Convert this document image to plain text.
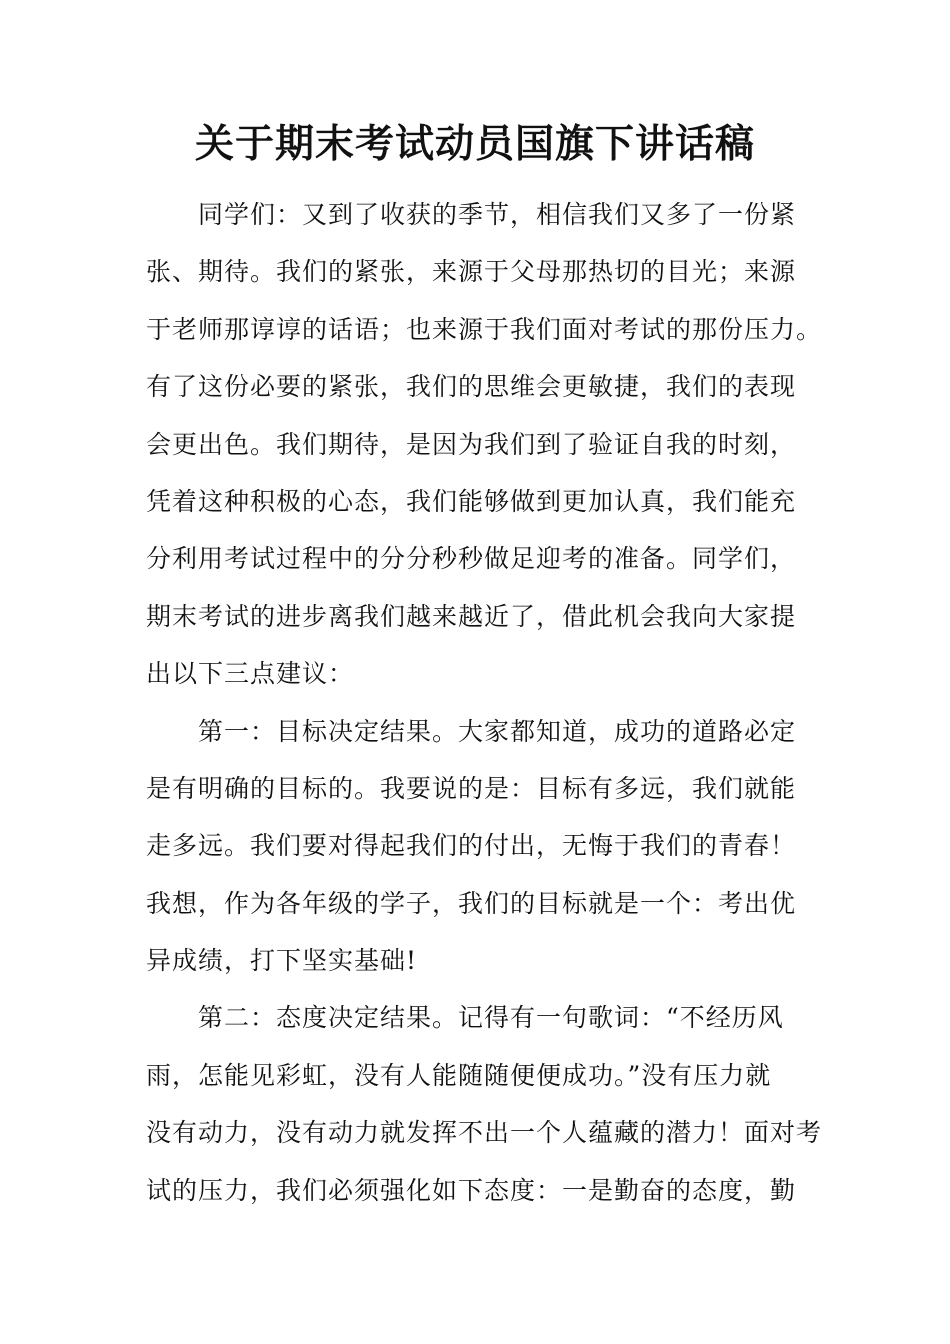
关于期末考试动员国旗下讲话稿
同学们：又到了收获的季节，相信我们又多了一份紧
张、期待。我们的紧张，来源于父母那热切的目光；来源
于老师那谆谆的话语；也来源于我们面对考试的那份压力。
有了这份必要的紧张，我们的思维会更敏捷，我们的表现
会更出色。我们期待，是因为我们到了验证自我的时刻，
凭着这种积极的心态，我们能够做到更加认真，我们能充
分利用考试过程中的分分秒秒做足迎考的准备。同学们，
期末考试的进步离我们越来越近了，借此机会我向大家提
出以下三点建议：
第一：目标决定结果。大家都知道，成功的道路必定
是有明确的目标的。我要说的是：目标有多远，我们就能
走多远。我们要对得起我们的付出，无悔于我们的青春！
我想，作为各年级的学子，我们的目标就是一个：考出优
异成绩，打下坚实基础!
第二：态度决定结果。记得有一句歌词：“不经历风
雨，怎能见彩虹，没有人能随随便便成功。”没有压力就
没有动力，没有动力就发挥不出一个人蕴藏的潜力！面对考
试的压力，我们必须强化如下态度：一是勤奋的态度，勤
